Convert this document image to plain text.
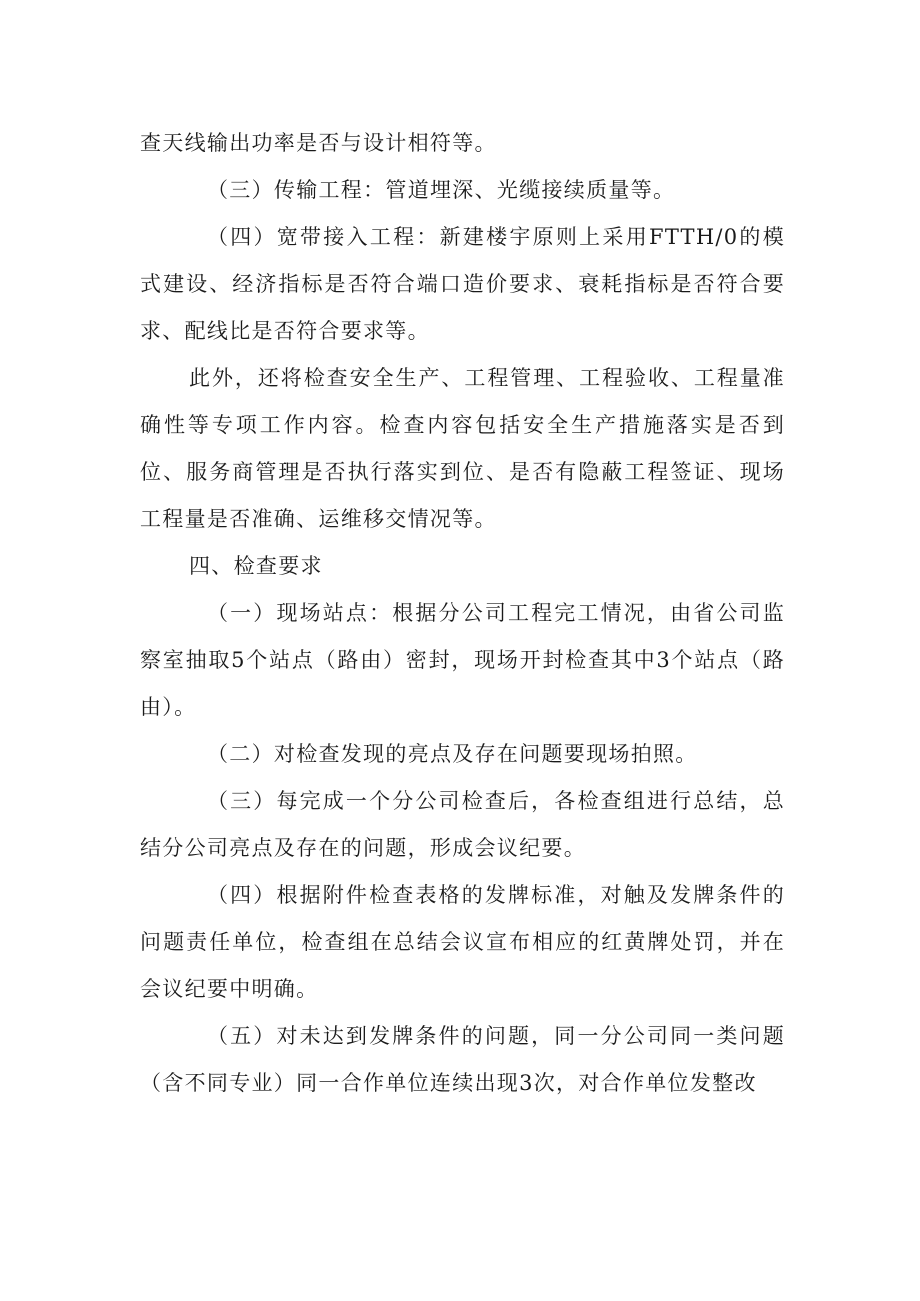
查天线输出功率是否与设计相符等。

（三）传输工程：管道埋深、光缆接续质量等。

（四）宽带接入工程：新建楼宇原则上采用FTTH/0的模式建设、经济指标是否符合端口造价要求、衰耗指标是否符合要求、配线比是否符合要求等。

此外，还将检查安全生产、工程管理、工程验收、工程量准确性等专项工作内容。检查内容包括安全生产措施落实是否到位、服务商管理是否执行落实到位、是否有隐蔽工程签证、现场工程量是否准确、运维移交情况等。

四、检查要求

（一）现场站点：根据分公司工程完工情况，由省公司监察室抽取5个站点（路由）密封，现场开封检查其中3个站点（路由）。

（二）对检查发现的亮点及存在问题要现场拍照。

（三）每完成一个分公司检查后，各检查组进行总结，总结分公司亮点及存在的问题，形成会议纪要。

（四）根据附件检查表格的发牌标准，对触及发牌条件的问题责任单位，检查组在总结会议宣布相应的红黄牌处罚，并在会议纪要中明确。

（五）对未达到发牌条件的问题，同一分公司同一类问题（含不同专业）同一合作单位连续出现3次，对合作单位发整改
